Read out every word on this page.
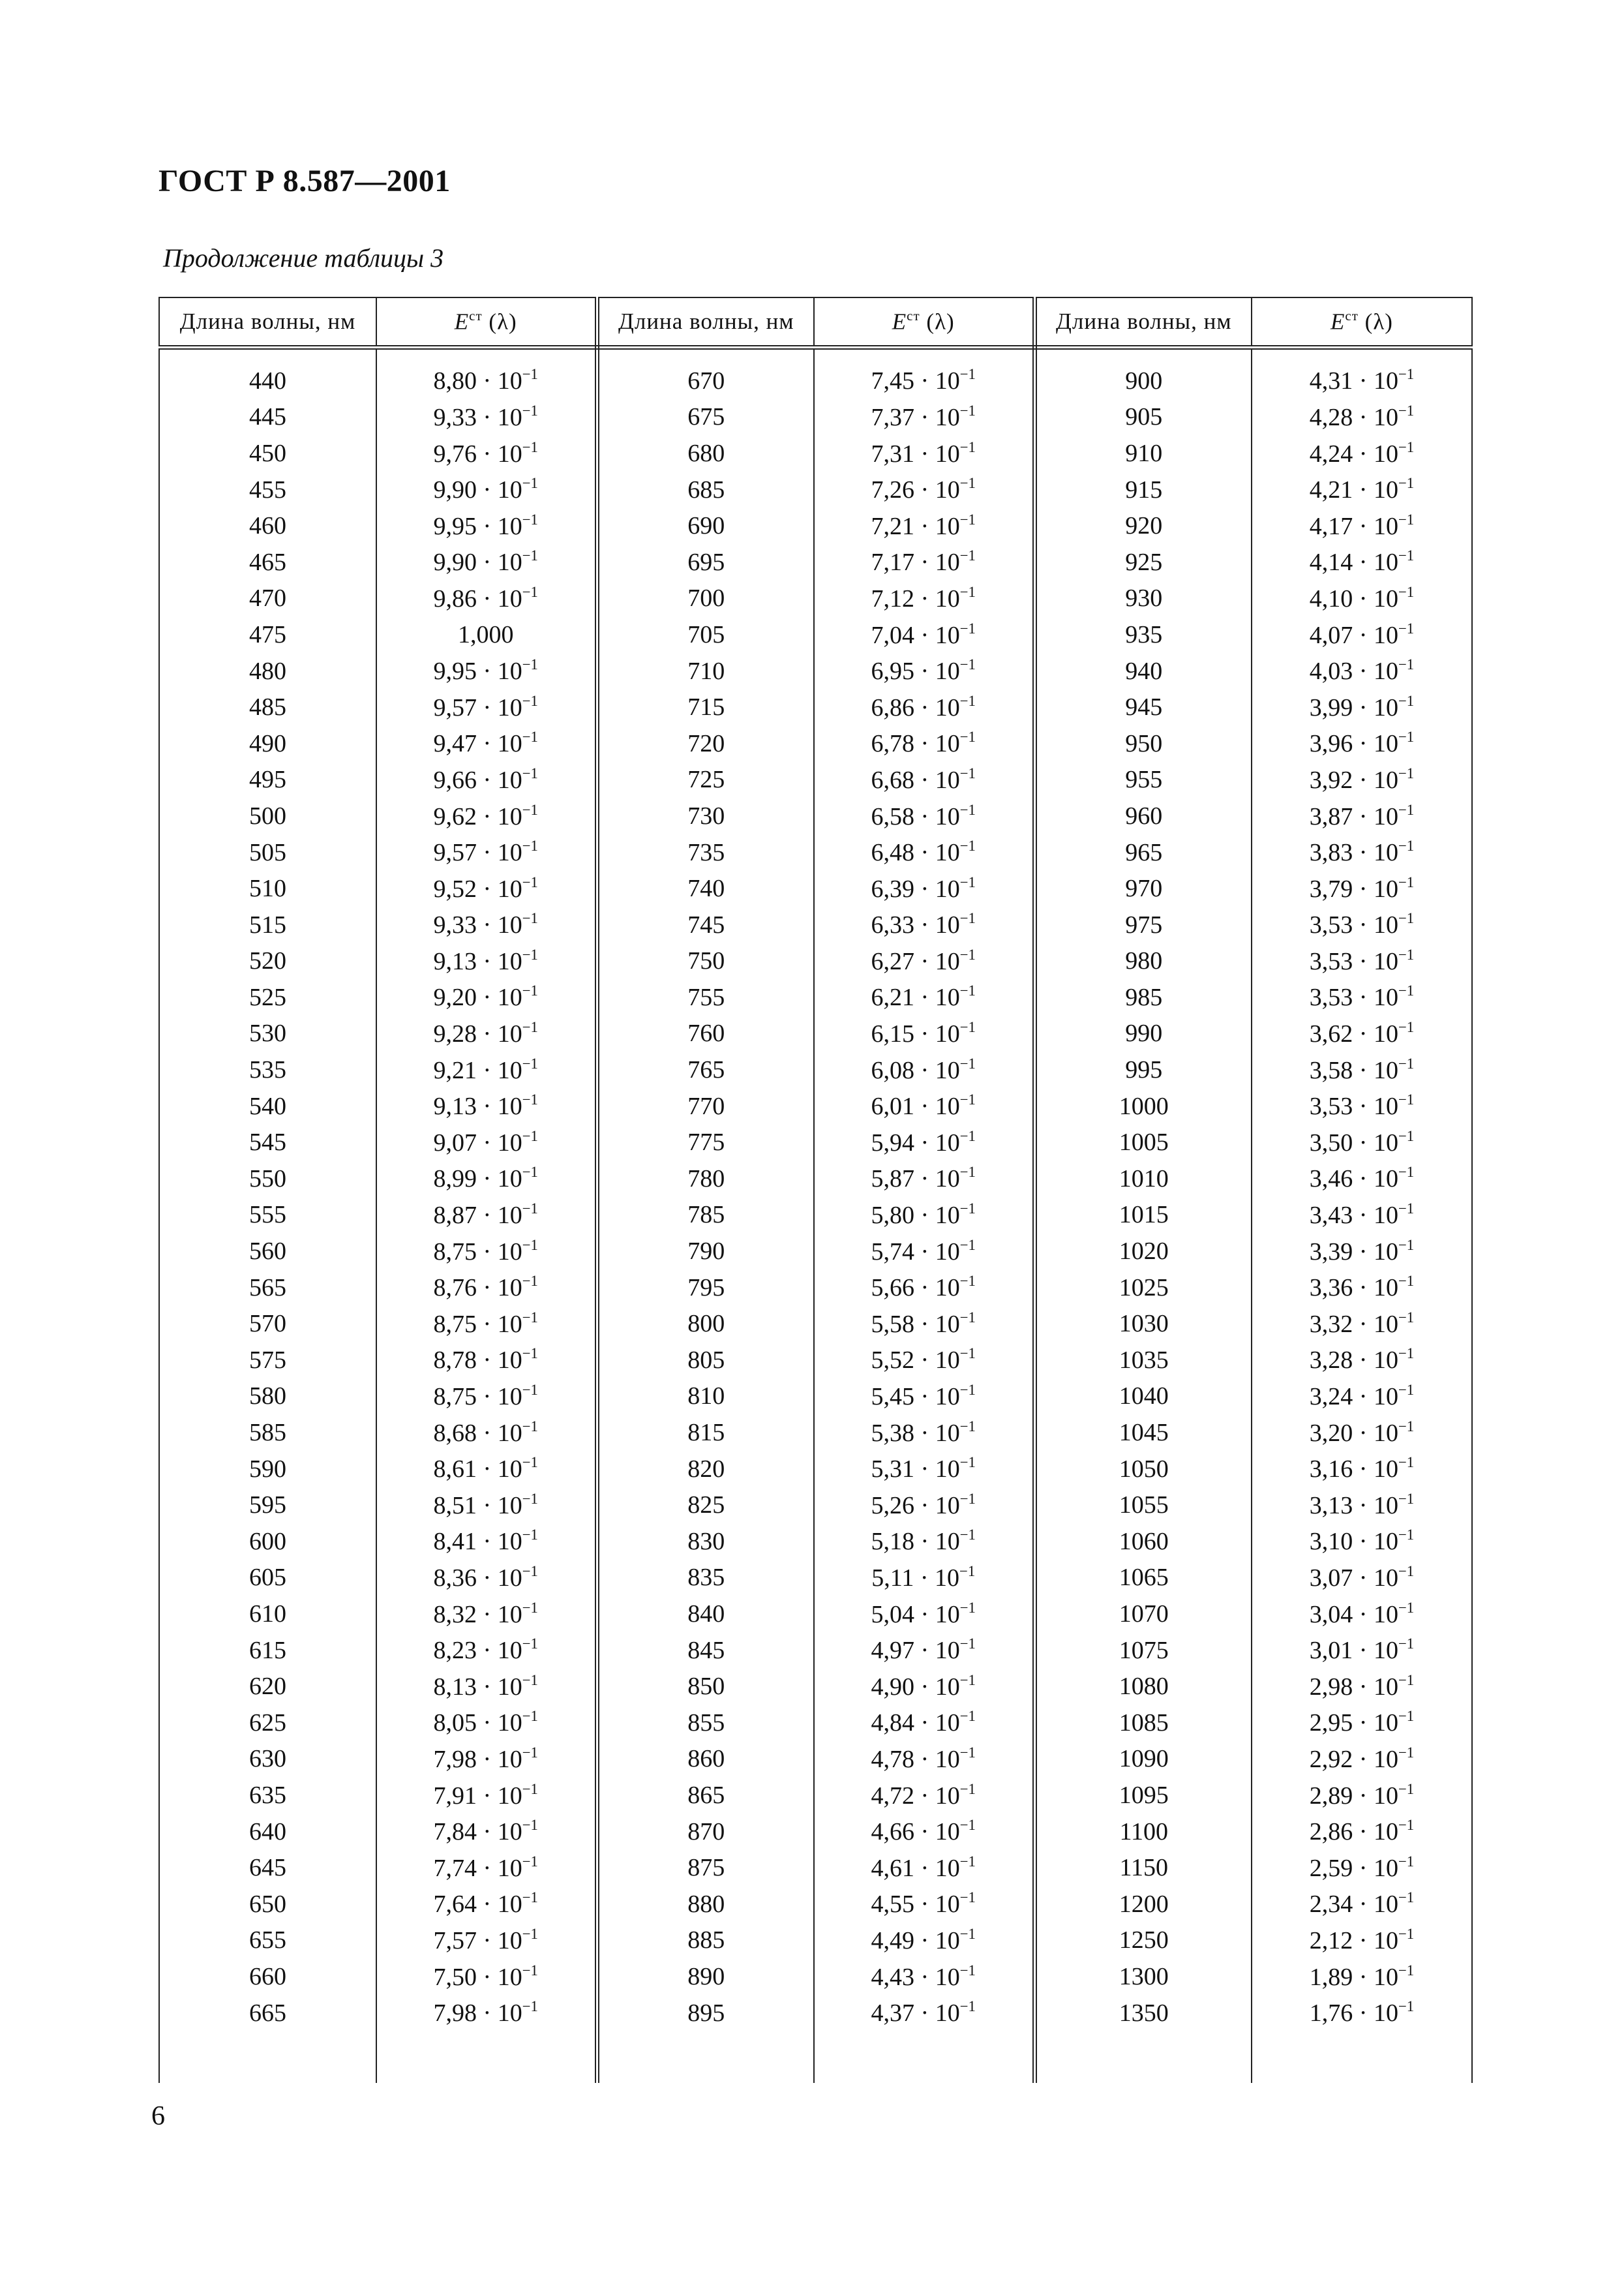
ГОСТ Р 8.587—2001
Продолжение таблицы 3
Длина волны, нм	$E^{ст}$ (λ)	Длина волны, нм	$E^{ст}$ (λ)	Длина волны, нм	$E^{ст}$ (λ)

440	$8,80 \cdot 10^{-1}$	670	$7,45 \cdot 10^{-1}$	900	$4,31 \cdot 10^{-1}$
445	$9,33 \cdot 10^{-1}$	675	$7,37 \cdot 10^{-1}$	905	$4,28 \cdot 10^{-1}$
450	$9,76 \cdot 10^{-1}$	680	$7,31 \cdot 10^{-1}$	910	$4,24 \cdot 10^{-1}$
455	$9,90 \cdot 10^{-1}$	685	$7,26 \cdot 10^{-1}$	915	$4,21 \cdot 10^{-1}$
460	$9,95 \cdot 10^{-1}$	690	$7,21 \cdot 10^{-1}$	920	$4,17 \cdot 10^{-1}$
465	$9,90 \cdot 10^{-1}$	695	$7,17 \cdot 10^{-1}$	925	$4,14 \cdot 10^{-1}$
470	$9,86 \cdot 10^{-1}$	700	$7,12 \cdot 10^{-1}$	930	$4,10 \cdot 10^{-1}$
475	1,000	705	$7,04 \cdot 10^{-1}$	935	$4,07 \cdot 10^{-1}$
480	$9,95 \cdot 10^{-1}$	710	$6,95 \cdot 10^{-1}$	940	$4,03 \cdot 10^{-1}$
485	$9,57 \cdot 10^{-1}$	715	$6,86 \cdot 10^{-1}$	945	$3,99 \cdot 10^{-1}$
490	$9,47 \cdot 10^{-1}$	720	$6,78 \cdot 10^{-1}$	950	$3,96 \cdot 10^{-1}$
495	$9,66 \cdot 10^{-1}$	725	$6,68 \cdot 10^{-1}$	955	$3,92 \cdot 10^{-1}$
500	$9,62 \cdot 10^{-1}$	730	$6,58 \cdot 10^{-1}$	960	$3,87 \cdot 10^{-1}$
505	$9,57 \cdot 10^{-1}$	735	$6,48 \cdot 10^{-1}$	965	$3,83 \cdot 10^{-1}$
510	$9,52 \cdot 10^{-1}$	740	$6,39 \cdot 10^{-1}$	970	$3,79 \cdot 10^{-1}$
515	$9,33 \cdot 10^{-1}$	745	$6,33 \cdot 10^{-1}$	975	$3,53 \cdot 10^{-1}$
520	$9,13 \cdot 10^{-1}$	750	$6,27 \cdot 10^{-1}$	980	$3,53 \cdot 10^{-1}$
525	$9,20 \cdot 10^{-1}$	755	$6,21 \cdot 10^{-1}$	985	$3,53 \cdot 10^{-1}$
530	$9,28 \cdot 10^{-1}$	760	$6,15 \cdot 10^{-1}$	990	$3,62 \cdot 10^{-1}$
535	$9,21 \cdot 10^{-1}$	765	$6,08 \cdot 10^{-1}$	995	$3,58 \cdot 10^{-1}$
540	$9,13 \cdot 10^{-1}$	770	$6,01 \cdot 10^{-1}$	1000	$3,53 \cdot 10^{-1}$
545	$9,07 \cdot 10^{-1}$	775	$5,94 \cdot 10^{-1}$	1005	$3,50 \cdot 10^{-1}$
550	$8,99 \cdot 10^{-1}$	780	$5,87 \cdot 10^{-1}$	1010	$3,46 \cdot 10^{-1}$
555	$8,87 \cdot 10^{-1}$	785	$5,80 \cdot 10^{-1}$	1015	$3,43 \cdot 10^{-1}$
560	$8,75 \cdot 10^{-1}$	790	$5,74 \cdot 10^{-1}$	1020	$3,39 \cdot 10^{-1}$
565	$8,76 \cdot 10^{-1}$	795	$5,66 \cdot 10^{-1}$	1025	$3,36 \cdot 10^{-1}$
570	$8,75 \cdot 10^{-1}$	800	$5,58 \cdot 10^{-1}$	1030	$3,32 \cdot 10^{-1}$
575	$8,78 \cdot 10^{-1}$	805	$5,52 \cdot 10^{-1}$	1035	$3,28 \cdot 10^{-1}$
580	$8,75 \cdot 10^{-1}$	810	$5,45 \cdot 10^{-1}$	1040	$3,24 \cdot 10^{-1}$
585	$8,68 \cdot 10^{-1}$	815	$5,38 \cdot 10^{-1}$	1045	$3,20 \cdot 10^{-1}$
590	$8,61 \cdot 10^{-1}$	820	$5,31 \cdot 10^{-1}$	1050	$3,16 \cdot 10^{-1}$
595	$8,51 \cdot 10^{-1}$	825	$5,26 \cdot 10^{-1}$	1055	$3,13 \cdot 10^{-1}$
600	$8,41 \cdot 10^{-1}$	830	$5,18 \cdot 10^{-1}$	1060	$3,10 \cdot 10^{-1}$
605	$8,36 \cdot 10^{-1}$	835	$5,11 \cdot 10^{-1}$	1065	$3,07 \cdot 10^{-1}$
610	$8,32 \cdot 10^{-1}$	840	$5,04 \cdot 10^{-1}$	1070	$3,04 \cdot 10^{-1}$
615	$8,23 \cdot 10^{-1}$	845	$4,97 \cdot 10^{-1}$	1075	$3,01 \cdot 10^{-1}$
620	$8,13 \cdot 10^{-1}$	850	$4,90 \cdot 10^{-1}$	1080	$2,98 \cdot 10^{-1}$
625	$8,05 \cdot 10^{-1}$	855	$4,84 \cdot 10^{-1}$	1085	$2,95 \cdot 10^{-1}$
630	$7,98 \cdot 10^{-1}$	860	$4,78 \cdot 10^{-1}$	1090	$2,92 \cdot 10^{-1}$
635	$7,91 \cdot 10^{-1}$	865	$4,72 \cdot 10^{-1}$	1095	$2,89 \cdot 10^{-1}$
640	$7,84 \cdot 10^{-1}$	870	$4,66 \cdot 10^{-1}$	1100	$2,86 \cdot 10^{-1}$
645	$7,74 \cdot 10^{-1}$	875	$4,61 \cdot 10^{-1}$	1150	$2,59 \cdot 10^{-1}$
650	$7,64 \cdot 10^{-1}$	880	$4,55 \cdot 10^{-1}$	1200	$2,34 \cdot 10^{-1}$
655	$7,57 \cdot 10^{-1}$	885	$4,49 \cdot 10^{-1}$	1250	$2,12 \cdot 10^{-1}$
660	$7,50 \cdot 10^{-1}$	890	$4,43 \cdot 10^{-1}$	1300	$1,89 \cdot 10^{-1}$
665	$7,98 \cdot 10^{-1}$	895	$4,37 \cdot 10^{-1}$	1350	$1,76 \cdot 10^{-1}$

6
